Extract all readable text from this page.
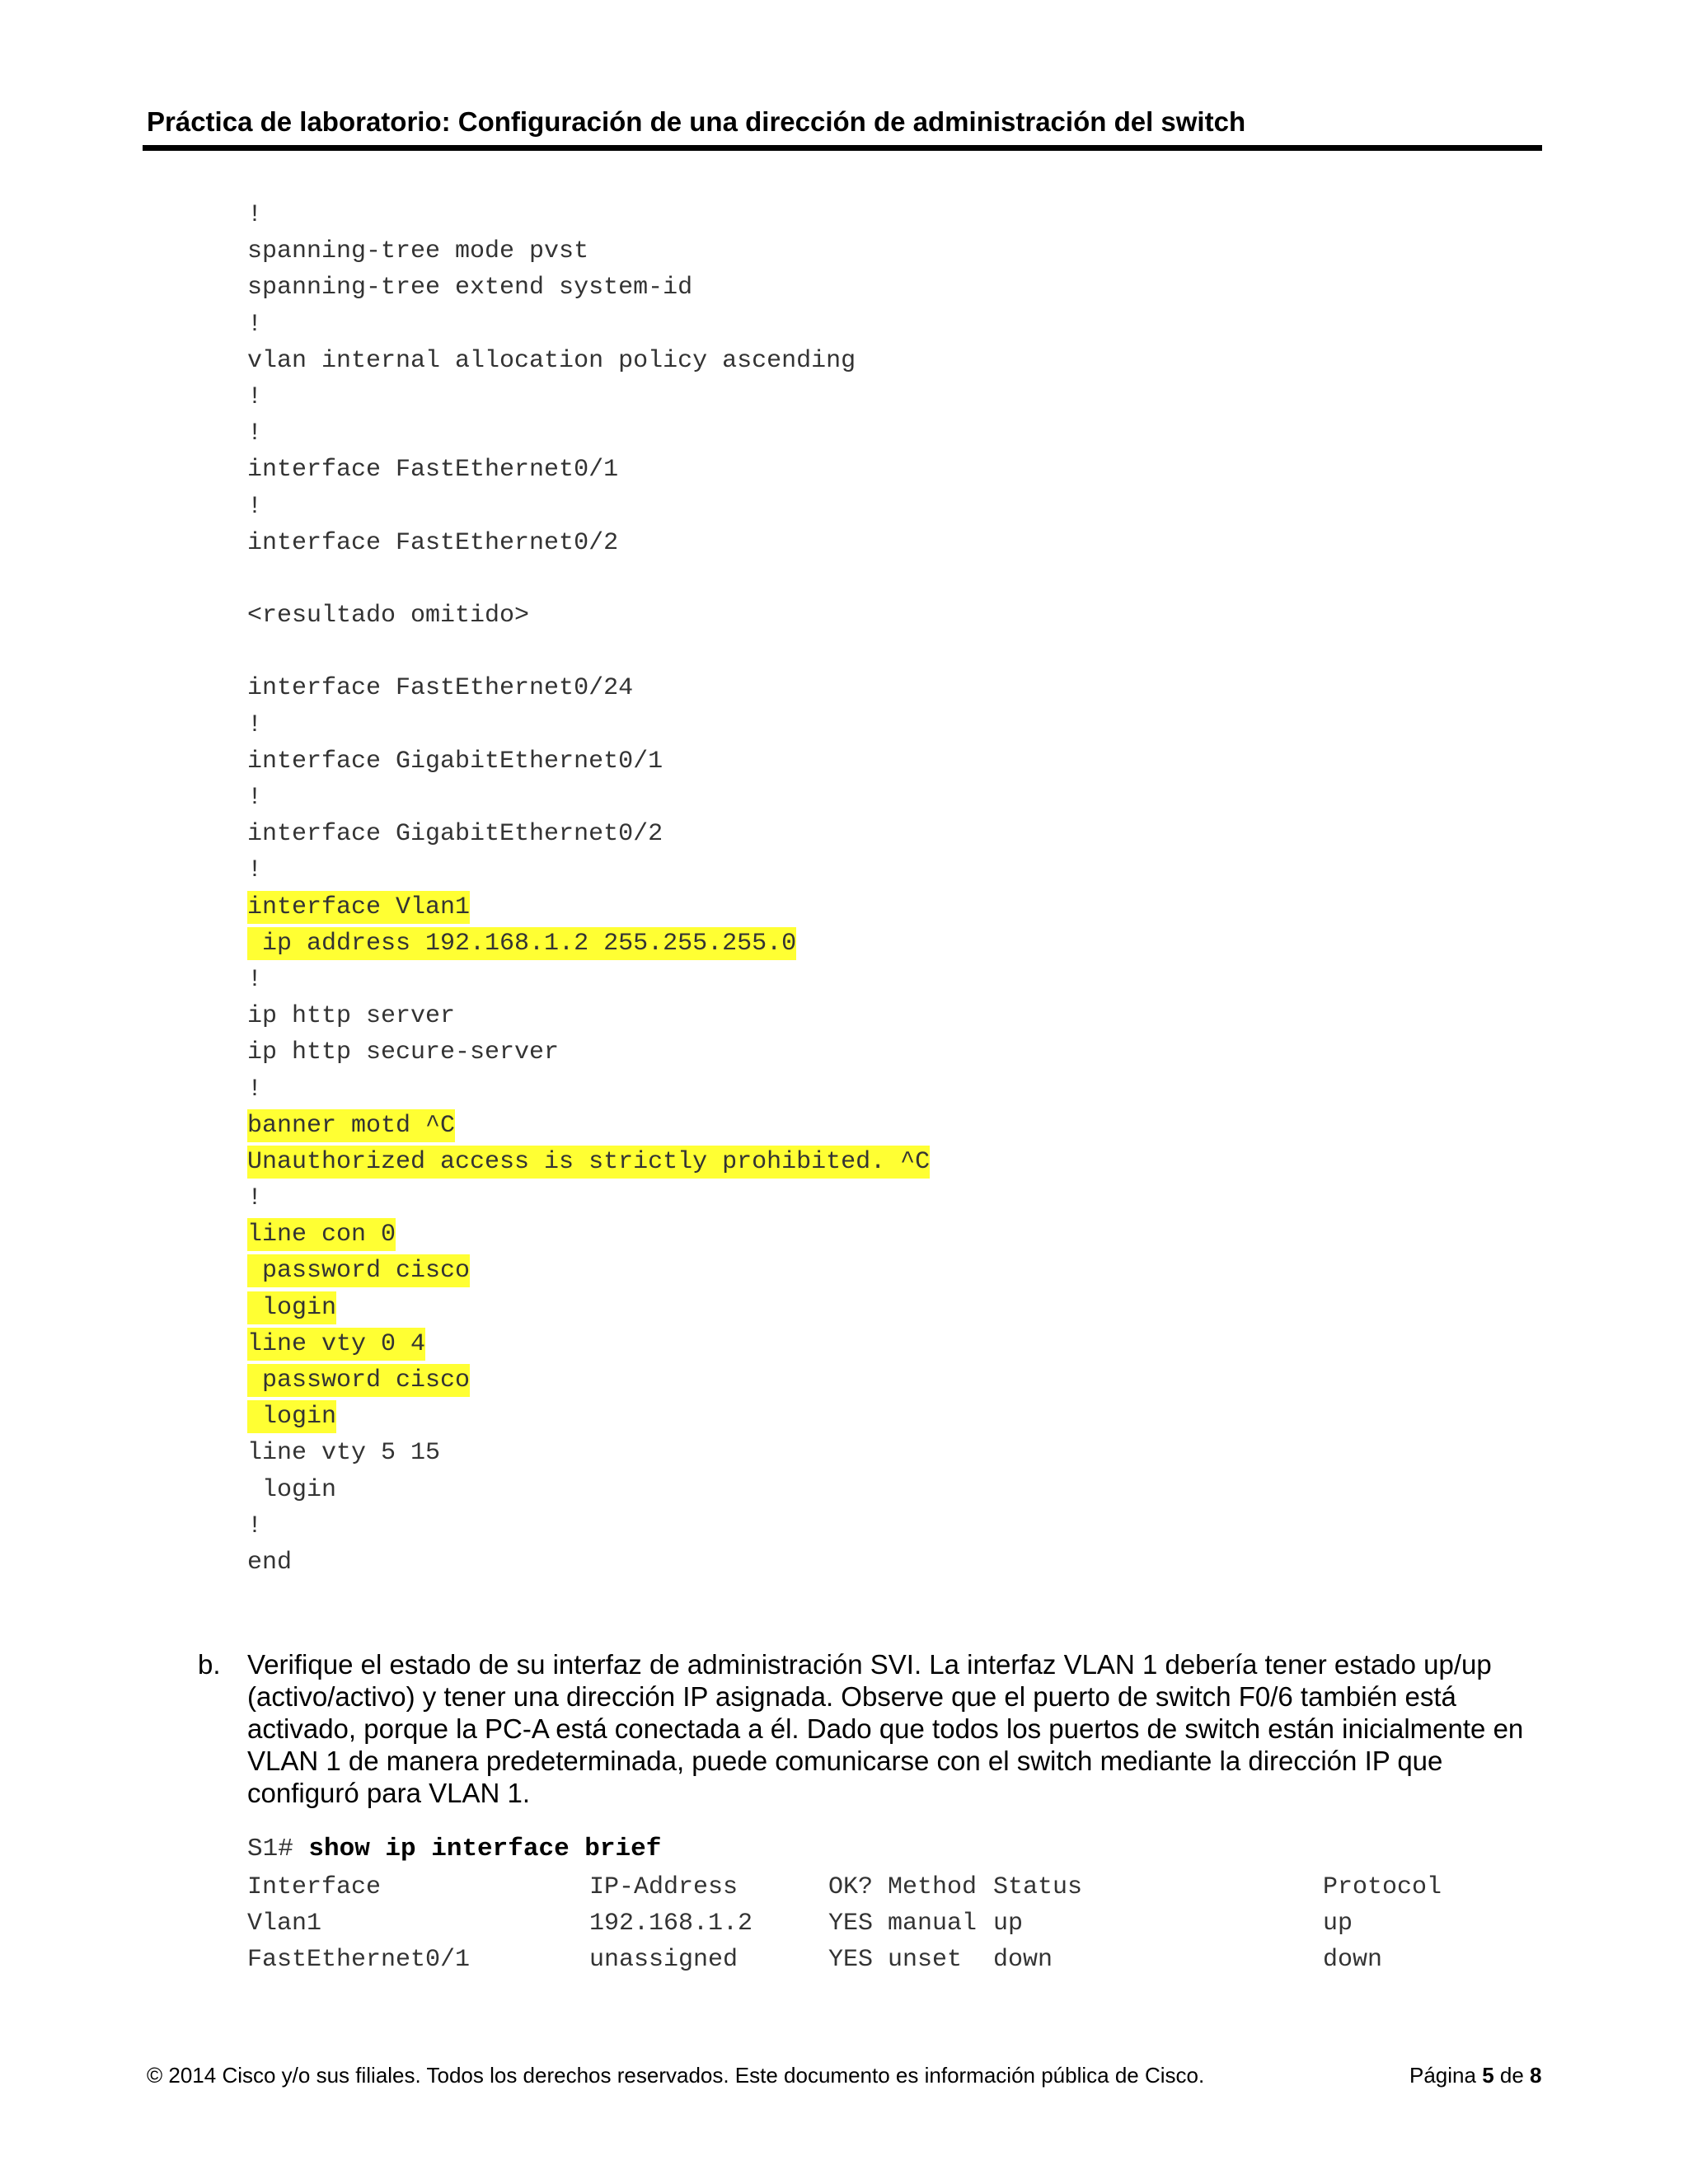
Práctica de laboratorio: Configuración de una dirección de administración del switch
!
spanning-tree mode pvst
spanning-tree extend system-id
!
vlan internal allocation policy ascending
!
!
interface FastEthernet0/1
!
interface FastEthernet0/2
<resultado omitido>
interface FastEthernet0/24
!
interface GigabitEthernet0/1
!
interface GigabitEthernet0/2
!
interface Vlan1
ip address 192.168.1.2 255.255.255.0
!
ip http server
ip http secure-server
!
banner motd ^C
Unauthorized access is strictly prohibited. ^C
!
line con 0
password cisco
login
line vty 0 4
password cisco
login
line vty 5 15
login
!
end
b. Verifique el estado de su interfaz de administración SVI. La interfaz VLAN 1 debería tener estado up/up (activo/activo) y tener una dirección IP asignada. Observe que el puerto de switch F0/6 también está activado, porque la PC-A está conectada a él. Dado que todos los puertos de switch están inicialmente en VLAN 1 de manera predeterminada, puede comunicarse con el switch mediante la dirección IP que configuró para VLAN 1.
S1# show ip interface brief
Interface	IP-Address	OK? Method Status	Protocol
Vlan1	192.168.1.2	YES manual up	up
FastEthernet0/1	unassigned	YES unset down	down
© 2014 Cisco y/o sus filiales. Todos los derechos reservados. Este documento es información pública de Cisco.	Página 5 de 8
